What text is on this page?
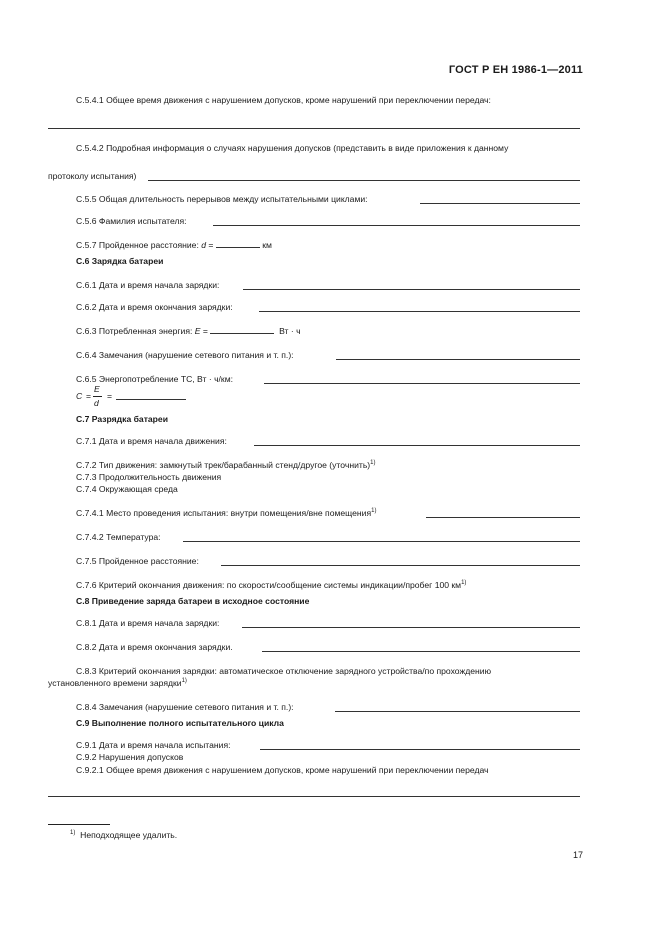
ГОСТ Р ЕН 1986-1—2011
С.5.4.1 Общее время движения с нарушением допусков, кроме нарушений при переключении передач:
С.5.4.2 Подробная информация о случаях нарушения допусков (представить в виде приложения к данному
протоколу испытания)
С.5.5 Общая длительность перерывов между испытательными циклами:
С.5.6 Фамилия испытателя:
С.5.7 Пройденное расстояние: d =	км
С.6 Зарядка батареи
С.6.1 Дата и время начала зарядки:
С.6.2 Дата и время окончания зарядки:
С.6.3 Потребленная энергия: E =	Вт · ч
С.6.4 Замечания (нарушение сетевого питания и т. п.):
С.6.5 Энергопотребление ТС, Вт · ч/км:
C =
E
d
=
С.7 Разрядка батареи
С.7.1 Дата и время начала движения:
С.7.2 Тип движения: замкнутый трек/барабанный стенд/другое (уточнить)$^{1)}$
С.7.3 Продолжительность движения
С.7.4 Окружающая среда
С.7.4.1 Место проведения испытания: внутри помещения/вне помещения$^{1)}$
С.7.4.2 Температура:
С.7.5 Пройденное расстояние:
С.7.6 Критерий окончания движения: по скорости/сообщение системы индикации/пробег 100 $км^{1)}$
С.8 Приведение заряда батареи в исходное состояние
С.8.1 Дата и время начала зарядки:
С.8.2 Дата и время окончания зарядки.
С.8.3 Критерий окончания зарядки: автоматическое отключение зарядного устройства/по прохождению
установленного времени зарядки$^{1)}$
С.8.4 Замечания (нарушение сетевого питания и т. п.):
С.9 Выполнение полного испытательного цикла
С.9.1 Дата и время начала испытания:
С.9.2 Нарушения допусков
С.9.2.1 Общее время движения с нарушением допусков, кроме нарушений при переключении передач
$^{1)}$ Неподходящее удалить.
17
